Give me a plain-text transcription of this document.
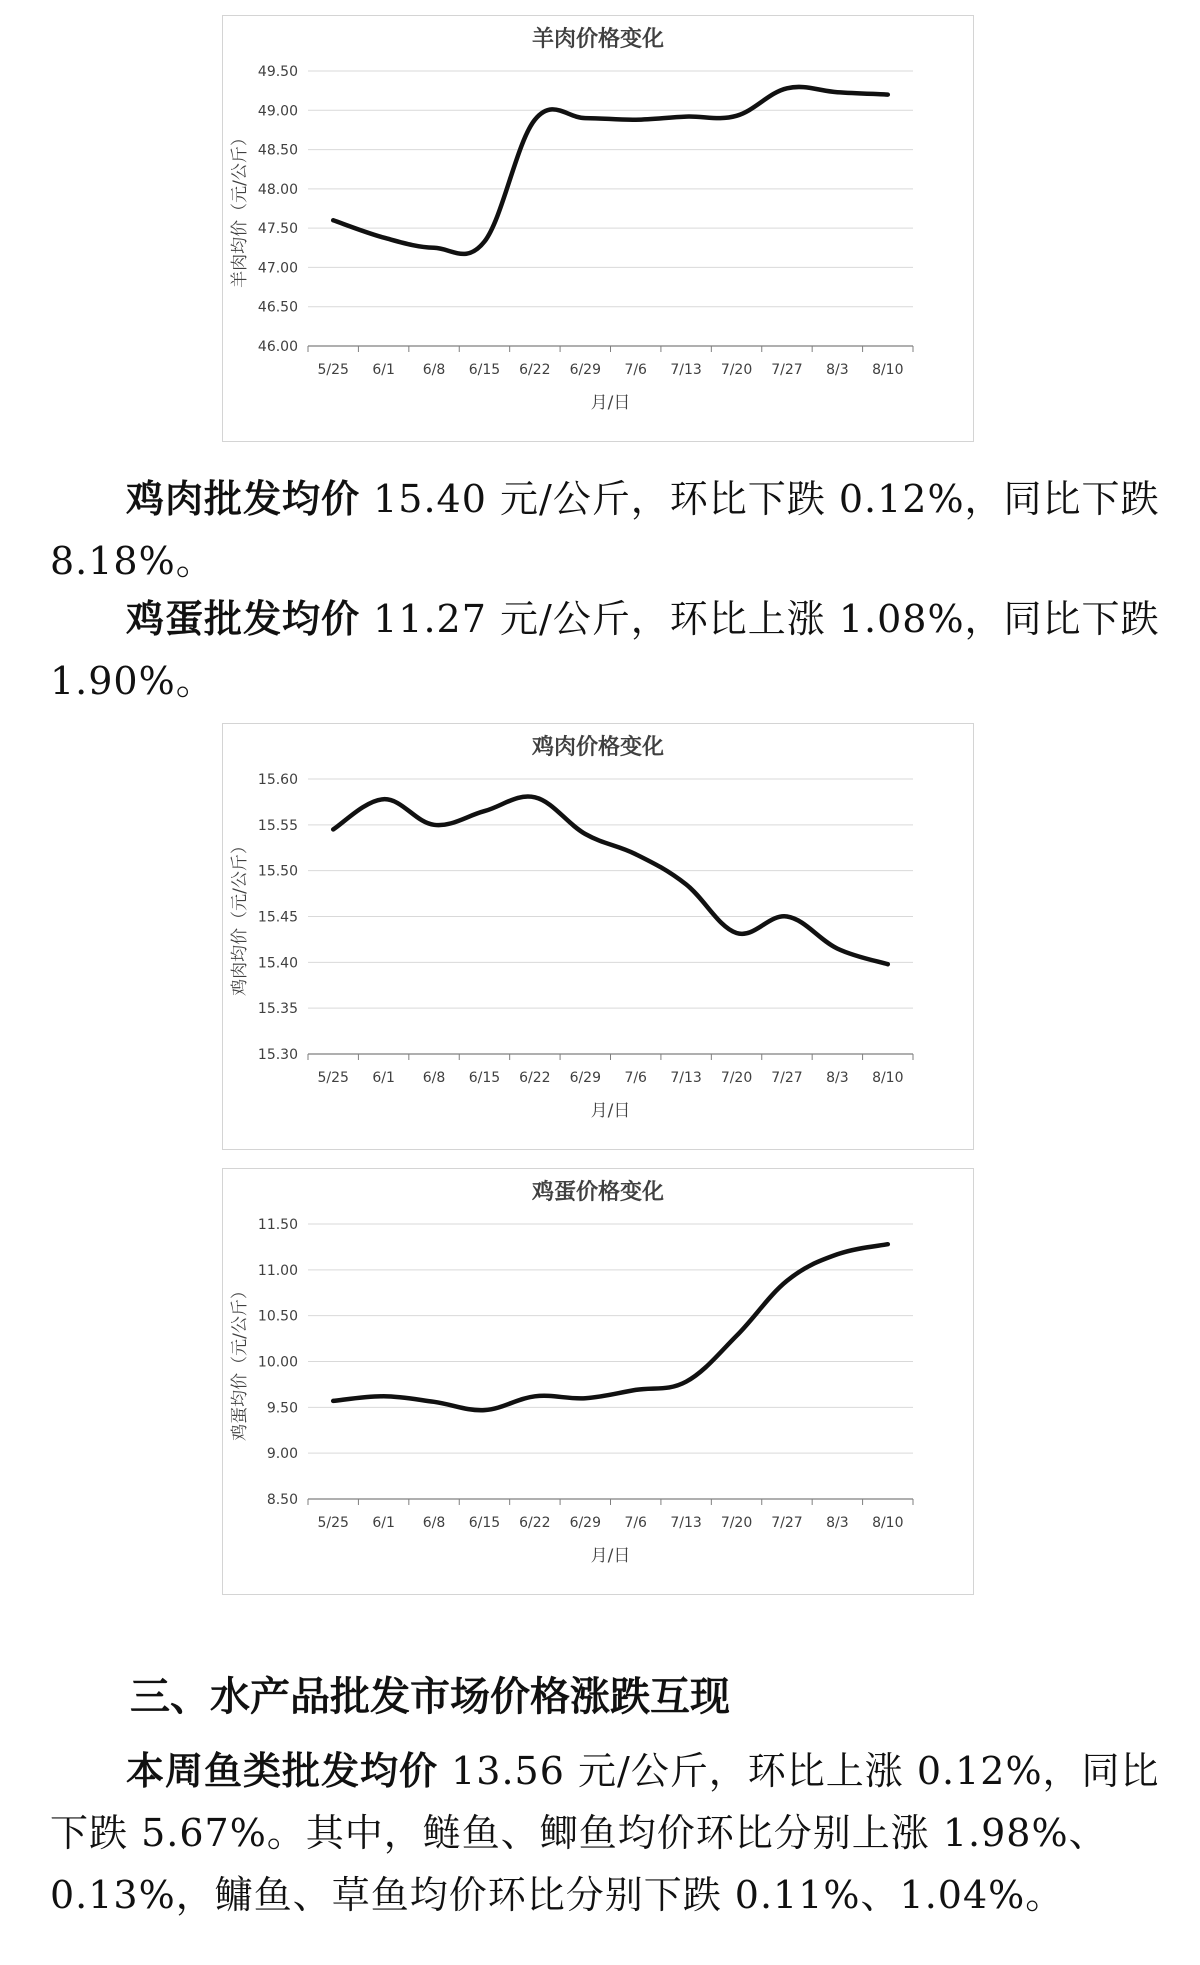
羊肉价格变化
46.00
46.50
47.00
47.50
48.00
48.50
49.00
49.50
5/25 6/1 6/8 6/15 6/22 6/29 7/6 7/13 7/20 7/27 8/3 8/10
月/日
羊肉均价（元/公斤）

鸡肉批发均价 15.40 元/公斤，环比下跌 0.12%，同比下跌 8.18%。

鸡蛋批发均价 11.27 元/公斤，环比上涨 1.08%，同比下跌 1.90%。

鸡肉价格变化
15.30
15.35
15.40
15.45
15.50
15.55
15.60
5/25 6/1 6/8 6/15 6/22 6/29 7/6 7/13 7/20 7/27 8/3 8/10
月/日
鸡肉均价（元/公斤）
鸡蛋价格变化
8.50
9.00
9.50
10.00
10.50
11.00
11.50
5/25 6/1 6/8 6/15 6/22 6/29 7/6 7/13 7/20 7/27 8/3 8/10
月/日
鸡蛋均价（元/公斤）
三、水产品批发市场价格涨跌互现

本周鱼类批发均价 13.56 元/公斤，环比上涨 0.12%，同比下跌 5.67%。其中，鲢鱼、鲫鱼均价环比分别上涨 1.98%、0.13%，鳙鱼、草鱼均价环比分别下跌 0.11%、1.04%。
